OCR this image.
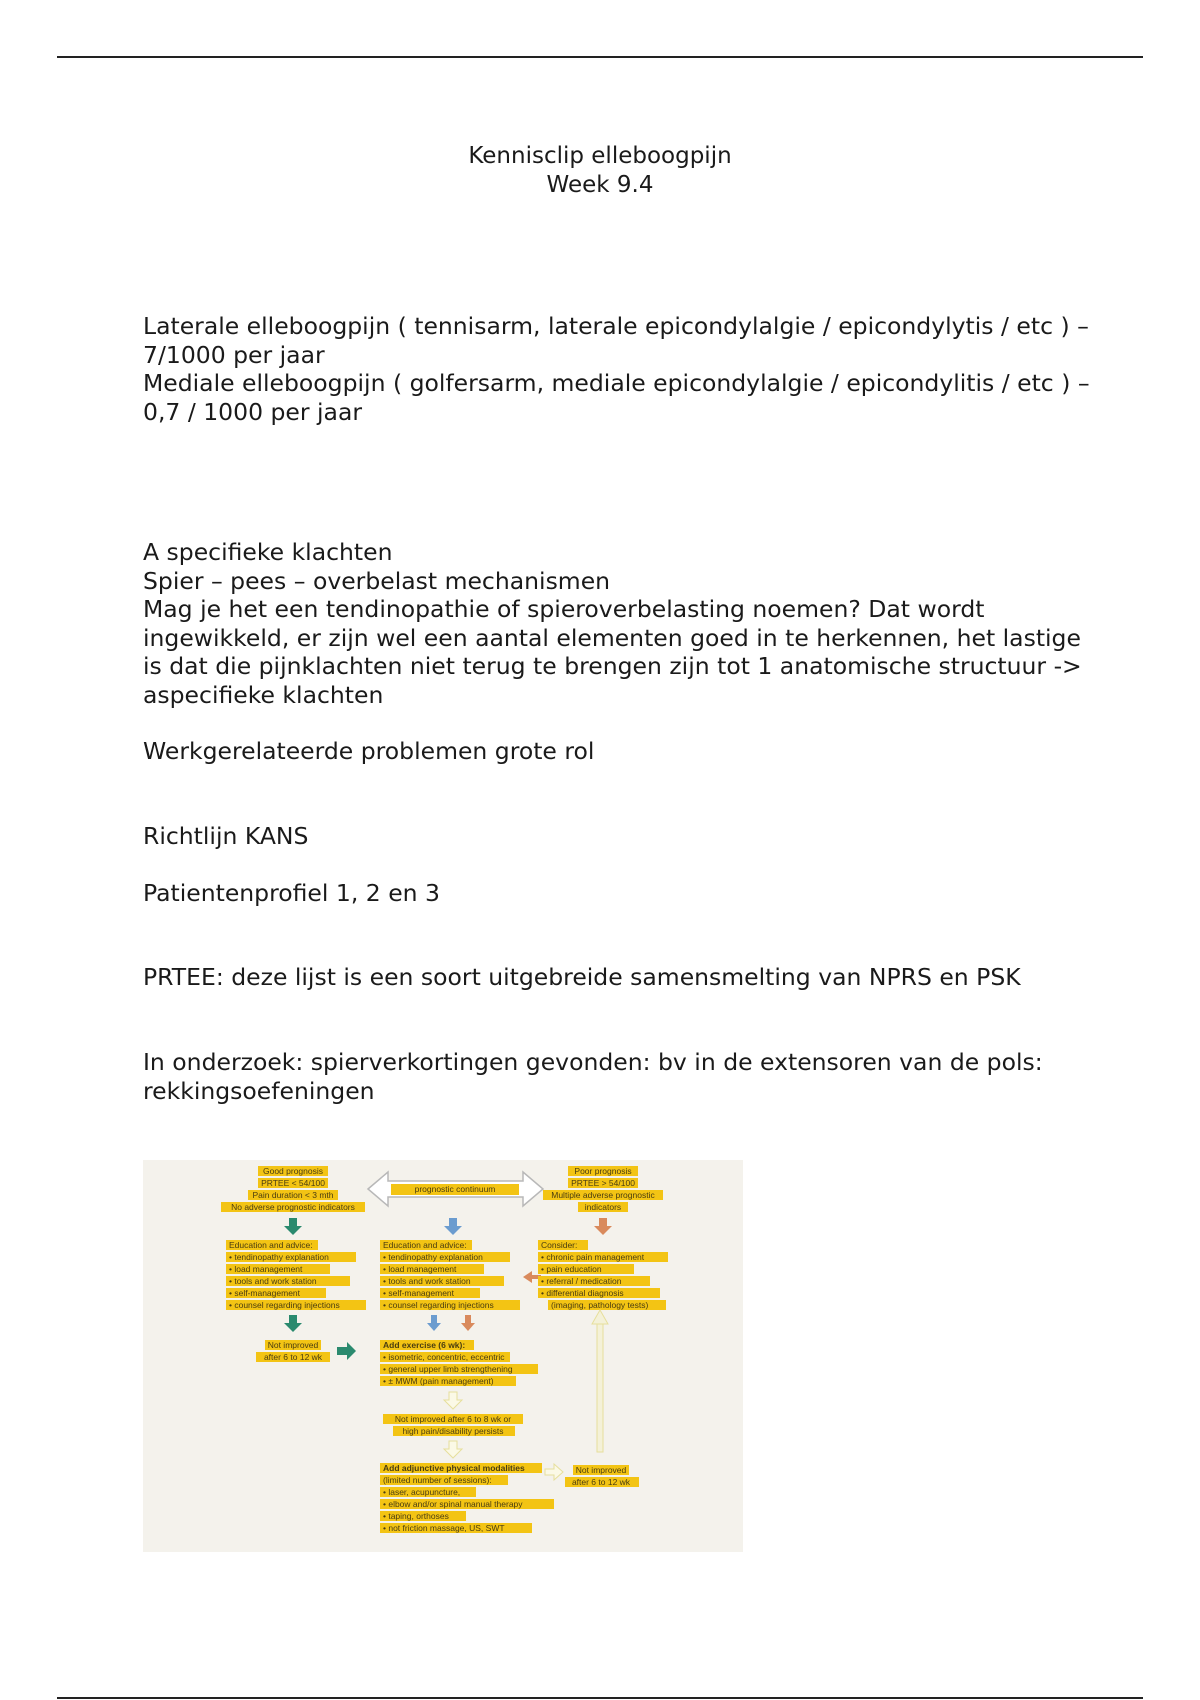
Kennisclip elleboogpijn
Week 9.4

Laterale elleboogpijn ( tennisarm, laterale epicondylalgie / epicondylytis / etc ) – 7/1000 per jaar

Mediale elleboogpijn ( golfersarm, mediale epicondylalgie / epicondylitis / etc ) – 0,7 / 1000 per jaar

A specifieke klachten

Spier – pees – overbelast mechanismen

Mag je het een tendinopathie of spieroverbelasting noemen? Dat wordt ingewikkeld, er zijn wel een aantal elementen goed in te herkennen, het lastige is dat die pijnklachten niet terug te brengen zijn tot 1 anatomische structuur -> aspecifieke klachten

Werkgerelateerde problemen grote rol

Richtlijn KANS

Patientenprofiel 1, 2 en 3

PRTEE: deze lijst is een soort uitgebreide samensmelting van NPRS en PSK

In onderzoek: spierverkortingen gevonden: bv in de extensoren van de pols: rekkingsoefeningen

Good prognosis
PRTEE < 54/100
Pain duration < 3 mth
No adverse prognostic indicators
prognostic continuum
Poor prognosis
PRTEE > 54/100
Multiple adverse prognostic
indicators
Education and advice:
• tendinopathy explanation
• load management
• tools and work station
• self-management
• counsel regarding injections
Education and advice:
• tendinopathy explanation
• load management
• tools and work station
• self-management
• counsel regarding injections
Consider:
• chronic pain management
• pain education
• referral / medication
• differential diagnosis
(imaging, pathology tests)
Not improved
after 6 to 12 wk
Add exercise (6 wk):
• isometric, concentric, eccentric
• general upper limb strengthening
• ± MWM (pain management)
Not improved after 6 to 8 wk or
high pain/disability persists
Add adjunctive physical modalities
(limited number of sessions):
• laser, acupuncture,
• elbow and/or spinal manual therapy
• taping, orthoses
• not friction massage, US, SWT
Not improved
after 6 to 12 wk
